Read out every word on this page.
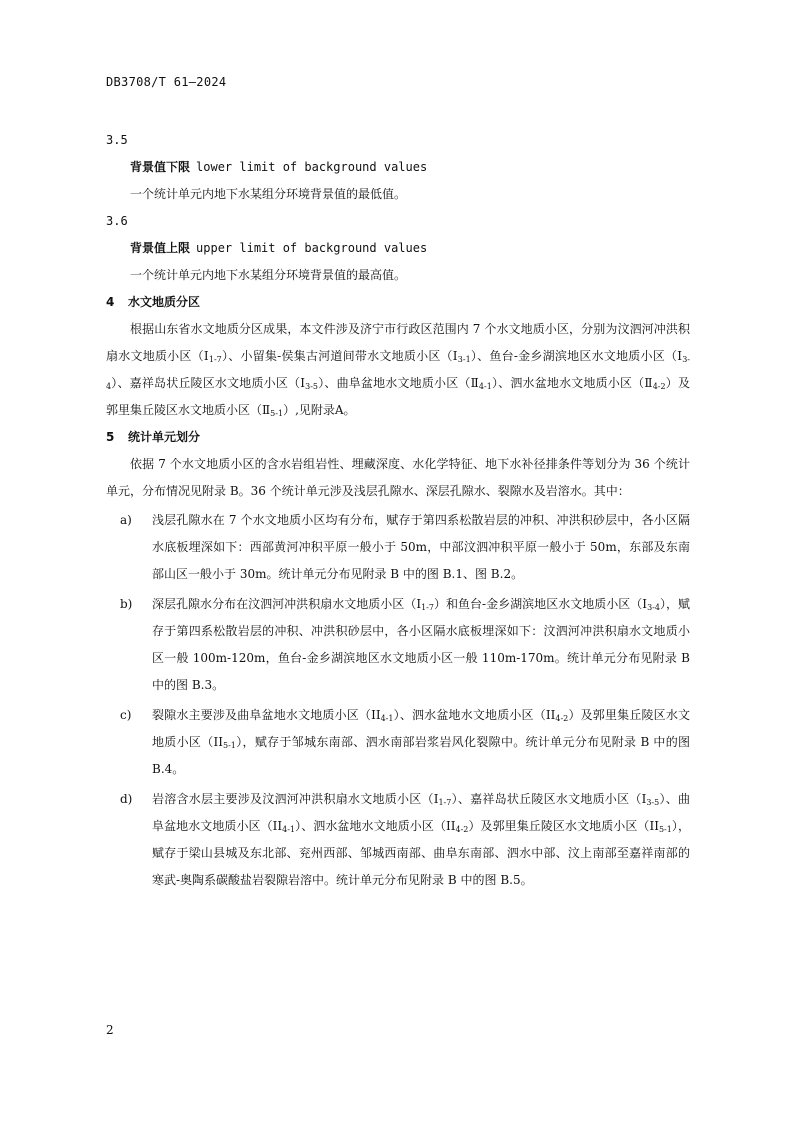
DB3708/T 61—2024
3.5
背景值下限 lower limit of background values
一个统计单元内地下水某组分环境背景值的最低值。
3.6
背景值上限 upper limit of background values
一个统计单元内地下水某组分环境背景值的最高值。
4 水文地质分区
根据山东省水文地质分区成果，本文件涉及济宁市行政区范围内 7 个水文地质小区，分别为汶泗河冲洪积扇水文地质小区$(Ⅰ_{1-7})$、小留集-侯集古河道间带水文地质小区$(Ⅰ_{3-1})$、鱼台-金乡湖滨地区水文地质小区$(Ⅰ_{3-4})$、嘉祥岛状丘陵区水文地质小区$(Ⅰ_{3-5})$、曲阜盆地水文地质小区$(Ⅱ_{4-1})$、泗水盆地水文地质小区$(Ⅱ_{4-2})$及郭里集丘陵区水文地质小区$(Ⅱ_{5-1})$,见附录A。
5 统计单元划分
依据 7 个水文地质小区的含水岩组岩性、埋藏深度、水化学特征、地下水补径排条件等划分为 36 个统计单元，分布情况见附录 B。36 个统计单元涉及浅层孔隙水、深层孔隙水、裂隙水及岩溶水。其中：
a) 浅层孔隙水在 7 个水文地质小区均有分布，赋存于第四系松散岩层的冲积、冲洪积砂层中，各小区隔水底板埋深如下：西部黄河冲积平原一般小于 50m，中部汶泗冲积平原一般小于 50m，东部及东南部山区一般小于 30m。统计单元分布见附录 B 中的图 B.1、图 B.2。
b) 深层孔隙水分布在汶泗河冲洪积扇水文地质小区$(I_{1-7})$和鱼台-金乡湖滨地区水文地质小区$(I_{3-4})$，赋存于第四系松散岩层的冲积、冲洪积砂层中，各小区隔水底板埋深如下：汶泗河冲洪积扇水文地质小区一般 100m-120m，鱼台-金乡湖滨地区水文地质小区一般 110m-170m。统计单元分布见附录 B 中的图 B.3。
c) 裂隙水主要涉及曲阜盆地水文地质小区$(II_{4-1})$、泗水盆地水文地质小区$(II_{4-2})$及郭里集丘陵区水文地质小区$(II_{5-1})$，赋存于邹城东南部、泗水南部岩浆岩风化裂隙中。统计单元分布见附录 B 中的图 B.4。
d) 岩溶含水层主要涉及汶泗河冲洪积扇水文地质小区$(I_{1-7})$、嘉祥岛状丘陵区水文地质小区$(I_{3-5})$、曲阜盆地水文地质小区$(II_{4-1})$、泗水盆地水文地质小区$(II_{4-2})$及郭里集丘陵区水文地质小区$(II_{5-1})$，赋存于梁山县城及东北部、兖州西部、邹城西南部、曲阜东南部、泗水中部、汶上南部至嘉祥南部的寒武-奥陶系碳酸盐岩裂隙岩溶中。统计单元分布见附录 B 中的图 B.5。
2
